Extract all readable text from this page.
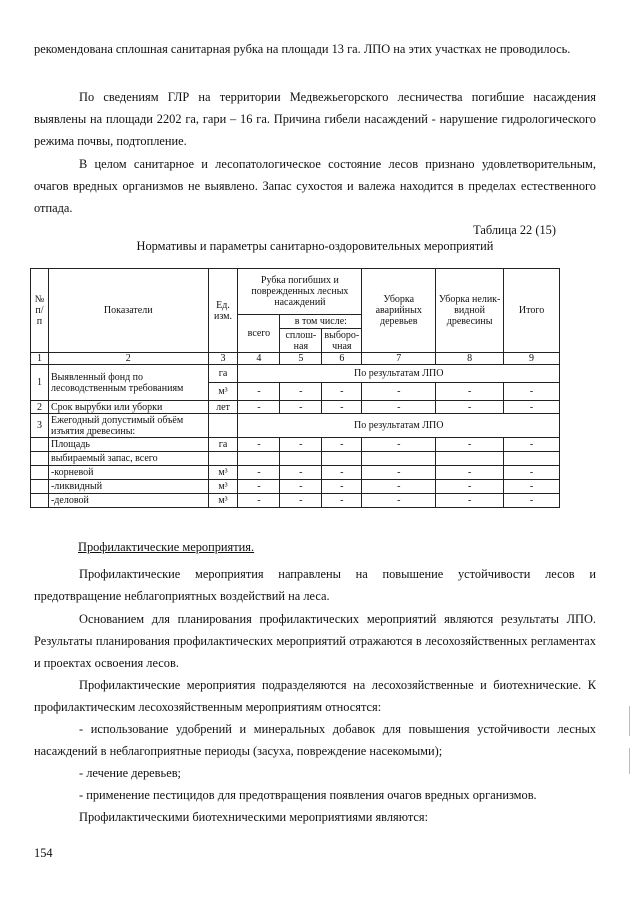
рекомендована сплошная санитарная рубка на площади 13 га. ЛПО на этих участках не проводилось.

По сведениям ГЛР на территории Медвежьегорского лесничества погибшие насаждения выявлены на площади 2202 га, гари – 16 га. Причина гибели насаждений - нарушение гидрологического режима почвы, подтопление.

В целом санитарное и лесопатологическое состояние лесов признано удовлетворительным, очагов вредных организмов не выявлено. Запас сухостоя и валежа находится в пределах естественного отпада.

Таблица 22 (15)
Нормативы и параметры санитарно-оздоровительных мероприятий
№ п/п	Показатели	Ед. изм.	Рубка погибших и поврежденных лесных насаждений			Уборка аварийных деревьев	Уборка нелик-видной древесины	Итого
			всего	в том числе:				
				сплош-ная	выборо-чная			
1	2	3	4	5	6	7	8	9
1	Выявленный фонд по лесоводственным требованиям	га	По результатам ЛПО					
		м³	-	-	-	-	-	-
2	Срок вырубки или уборки	лет	-	-	-	-	-	-
3	Ежегодный допустимый объём изъятия древесины:		По результатам ЛПО					
	Площадь	га	-	-	-	-	-	-
	выбираемый запас, всего							
	-корневой	м³	-	-	-	-	-	-
	-ликвидный	м³	-	-	-	-	-	-
	-деловой	м³	-	-	-	-	-	-
Профилактические мероприятия.

Профилактические мероприятия направлены на повышение устойчивости лесов и предотвращение неблагоприятных воздействий на леса.

Основанием для планирования профилактических мероприятий являются результаты ЛПО. Результаты планирования профилактических мероприятий отражаются в лесохозяйственных регламентах и проектах освоения лесов.

Профилактические мероприятия подразделяются на лесохозяйственные и биотехнические. К профилактическим лесохозяйственным мероприятиям относятся:

- использование удобрений и минеральных добавок для повышения устойчивости лесных насаждений в неблагоприятные периоды (засуха, повреждение насекомыми);

- лечение деревьев;

- применение пестицидов для предотвращения появления очагов вредных организмов.

Профилактическими биотехническими мероприятиями являются:

154
